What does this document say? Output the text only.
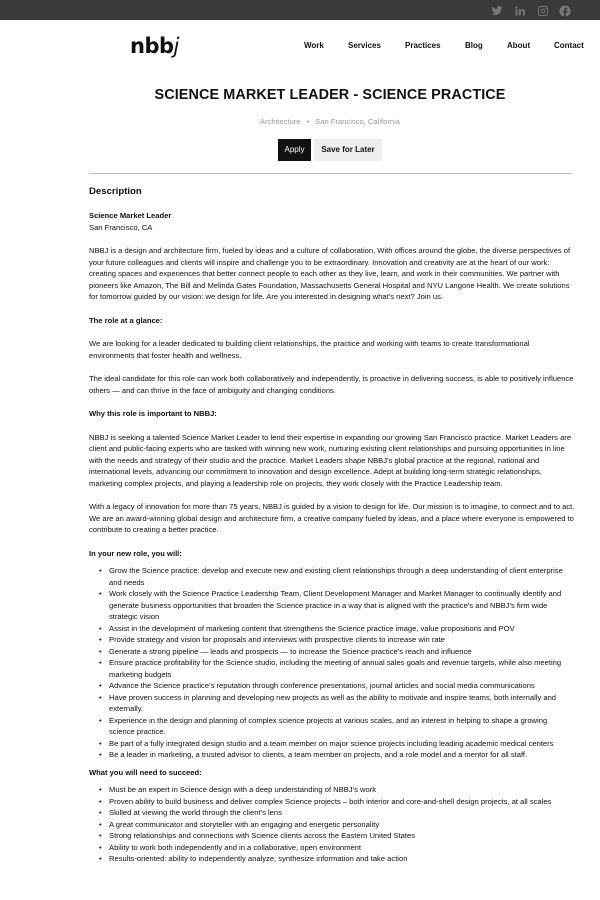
nbbj	Work	Services	Practices	Blog	About	Contact
SCIENCE MARKET LEADER - SCIENCE PRACTICE
Architecture • San Francisco, California
Apply	Save for Later
Description
Science Market Leader

San Francisco, CA

NBBJ is a design and architecture firm, fueled by ideas and a culture of collaboration. With offices around the globe, the diverse perspectives of your future colleagues and clients will inspire and challenge you to be extraordinary. Innovation and creativity are at the heart of our work: creating spaces and experiences that better connect people to each other as they live, learn, and work in their communities. We partner with pioneers like Amazon, The Bill and Melinda Gates Foundation, Massachusetts General Hospital and NYU Langone Health. We create solutions for tomorrow guided by our vision: we design for life. Are you interested in designing what’s next? Join us.

The role at a glance:

We are looking for a leader dedicated to building client relationships, the practice and working with teams to create transformational environments that foster health and wellness.

The ideal candidate for this role can work both collaboratively and independently, is proactive in delivering success, is able to positively influence others — and can thrive in the face of ambiguity and changing conditions.

Why this role is important to NBBJ:

NBBJ is seeking a talented Science Market Leader to lend their expertise in expanding our growing San Francisco practice. Market Leaders are client and public-facing experts who are tasked with winning new work, nurturing existing client relationships and pursuing opportunities in line with the needs and strategy of their studio and the practice. Market Leaders shape NBBJ’s global practice at the regional, national and international levels, advancing our commitment to innovation and design excellence. Adept at building long-term strategic relationships, marketing complex projects, and playing a leadership role on projects, they work closely with the Practice Leadership team.

With a legacy of innovation for more than 75 years, NBBJ is guided by a vision to design for life. Our mission is to imagine, to connect and to act. We are an award-winning global design and architecture firm, a creative company fueled by ideas, and a place where everyone is empowered to contribute to creating a better practice.

In your new role, you will:
• Grow the Science practice: develop and execute new and existing client relationships through a deep understanding of client enterprise and needs
• Work closely with the Science Practice Leadership Team, Client Development Manager and Market Manager to continually identify and generate business opportunities that broaden the Science practice in a way that is aligned with the practice’s and NBBJ’s firm wide strategic vision
• Assist in the development of marketing content that strengthens the Science practice image, value propositions and POV
• Provide strategy and vision for proposals and interviews with prospective clients to increase win rate
• Generate a strong pipeline — leads and prospects — to increase the Science practice’s reach and influence
• Ensure practice profitability for the Science studio, including the meeting of annual sales goals and revenue targets, while also meeting marketing budgets
• Advance the Science practice’s reputation through conference presentations, journal articles and social media communications
• Have proven success in planning and developing new projects as well as the ability to motivate and inspire teams, both internally and externally.
• Experience in the design and planning of complex science projects at various scales, and an interest in helping to shape a growing science practice.
• Be part of a fully integrated design studio and a team member on major science projects including leading academic medical centers
• Be a leader in marketing, a trusted advisor to clients, a team member on projects, and a role model and a mentor for all staff.
What you will need to succeed:
• Must be an expert in Science design with a deep understanding of NBBJ’s work
• Proven ability to build business and deliver complex Science projects – both interior and core-and-shell design projects, at all scales
• Skilled at viewing the world through the client’s lens
• A great communicator and storyteller with an engaging and energetic personality
• Strong relationships and connections with Science clients across the Eastern United States
• Ability to work both independently and in a collaborative, open environment
• Results-oriented: ability to independently analyze, synthesize information and take action
